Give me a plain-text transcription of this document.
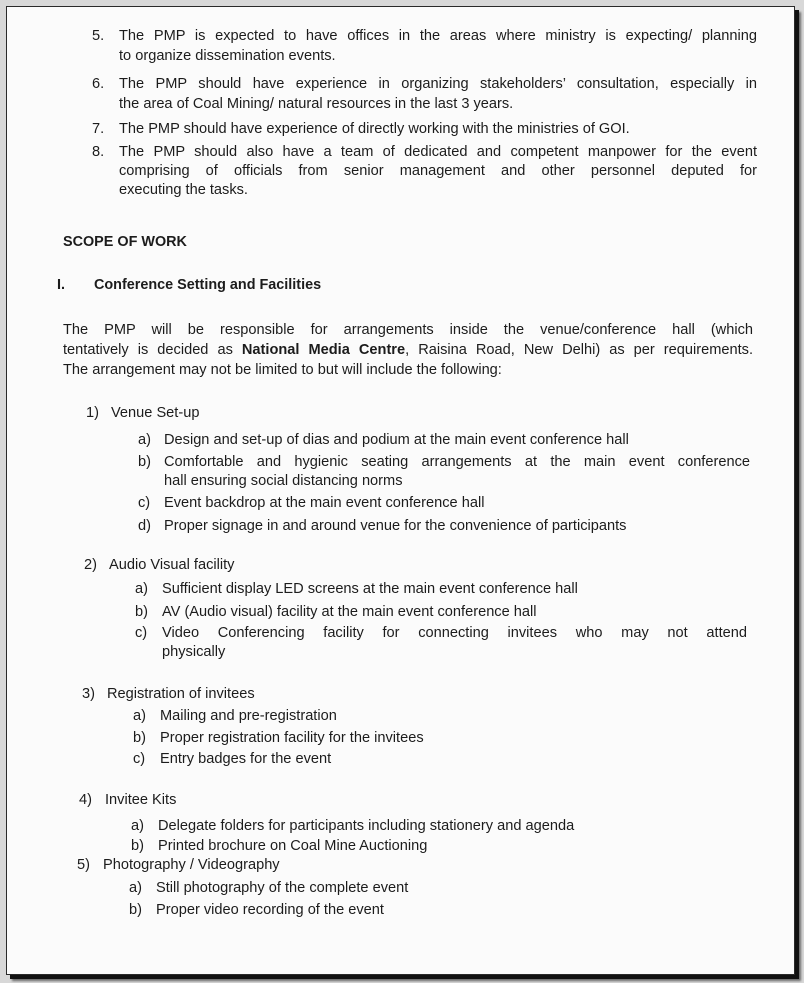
5. The PMP is expected to have offices in the areas where ministry is expecting/ planning
to organize dissemination events.
6. The PMP should have experience in organizing stakeholders’ consultation, especially in
the area of Coal Mining/ natural resources in the last 3 years.
7. The PMP should have experience of directly working with the ministries of GOI.
8. The PMP should also have a team of dedicated and competent manpower for the event
comprising of officials from senior management and other personnel deputed for
executing the tasks.
SCOPE OF WORK
I. Conference Setting and Facilities
The PMP will be responsible for arrangements inside the venue/conference hall (which
tentatively is decided as National Media Centre, Raisina Road, New Delhi) as per requirements.
The arrangement may not be limited to but will include the following:
1) Venue Set-up
a) Design and set-up of dias and podium at the main event conference hall
b) Comfortable and hygienic seating arrangements at the main event conference
hall ensuring social distancing norms
c) Event backdrop at the main event conference hall
d) Proper signage in and around venue for the convenience of participants
2) Audio Visual facility
a) Sufficient display LED screens at the main event conference hall
b) AV (Audio visual) facility at the main event conference hall
c) Video Conferencing facility for connecting invitees who may not attend
physically
3) Registration of invitees
a) Mailing and pre-registration
b) Proper registration facility for the invitees
c) Entry badges for the event
4) Invitee Kits
a) Delegate folders for participants including stationery and agenda
b) Printed brochure on Coal Mine Auctioning
5) Photography / Videography
a) Still photography of the complete event
b) Proper video recording of the event
